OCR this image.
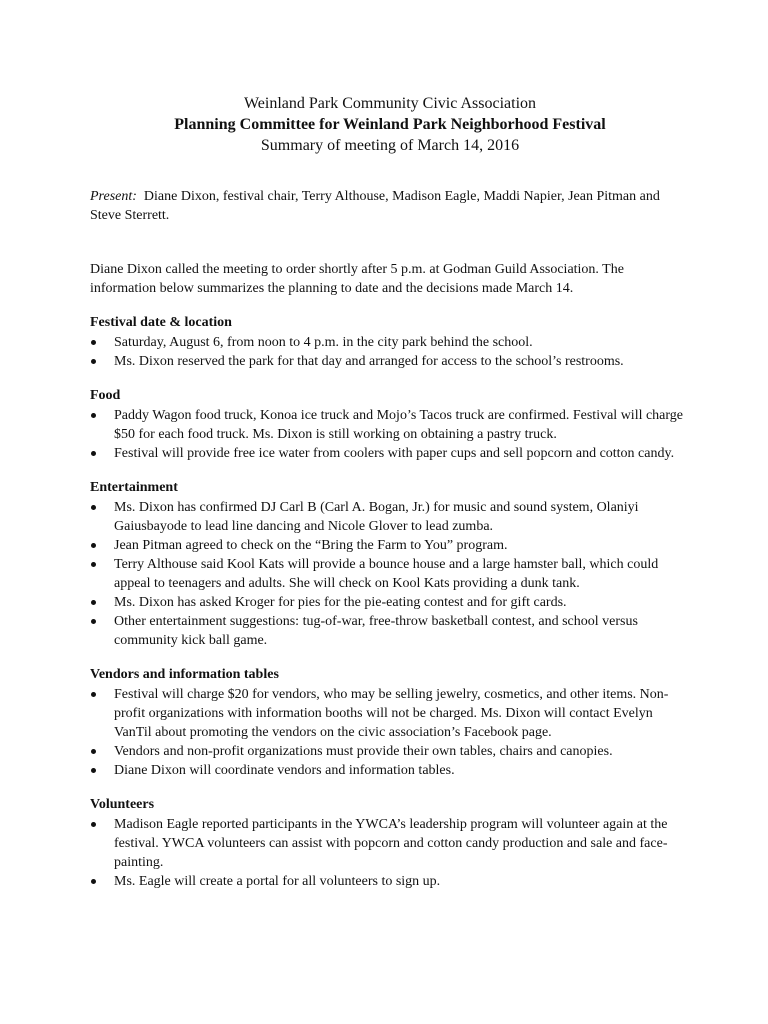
Weinland Park Community Civic Association
Planning Committee for Weinland Park Neighborhood Festival
Summary of meeting of March 14, 2016
Present:  Diane Dixon, festival chair, Terry Althouse, Madison Eagle, Maddi Napier, Jean Pitman and Steve Sterrett.
Diane Dixon called the meeting to order shortly after 5 p.m. at Godman Guild Association. The information below summarizes the planning to date and the decisions made March 14.
Festival date & location
Saturday, August 6, from noon to 4 p.m. in the city park behind the school.
Ms. Dixon reserved the park for that day and arranged for access to the school’s restrooms.
Food
Paddy Wagon food truck, Konoa ice truck and Mojo’s Tacos truck are confirmed. Festival will charge $50 for each food truck. Ms. Dixon is still working on obtaining a pastry truck.
Festival will provide free ice water from coolers with paper cups and sell popcorn and cotton candy.
Entertainment
Ms. Dixon has confirmed DJ Carl B (Carl A. Bogan, Jr.) for music and sound system, Olaniyi Gaiusbayode to lead line dancing and Nicole Glover to lead zumba.
Jean Pitman agreed to check on the “Bring the Farm to You” program.
Terry Althouse said Kool Kats will provide a bounce house and a large hamster ball, which could appeal to teenagers and adults. She will check on Kool Kats providing a dunk tank.
Ms. Dixon has asked Kroger for pies for the pie-eating contest and for gift cards.
Other entertainment suggestions: tug-of-war, free-throw basketball contest, and school versus community kick ball game.
Vendors and information tables
Festival will charge $20 for vendors, who may be selling jewelry, cosmetics, and other items. Non-profit organizations with information booths will not be charged. Ms. Dixon will contact Evelyn VanTil about promoting the vendors on the civic association’s Facebook page.
Vendors and non-profit organizations must provide their own tables, chairs and canopies.
Diane Dixon will coordinate vendors and information tables.
Volunteers
Madison Eagle reported participants in the YWCA’s leadership program will volunteer again at the festival. YWCA volunteers can assist with popcorn and cotton candy production and sale and face-painting.
Ms. Eagle will create a portal for all volunteers to sign up.
